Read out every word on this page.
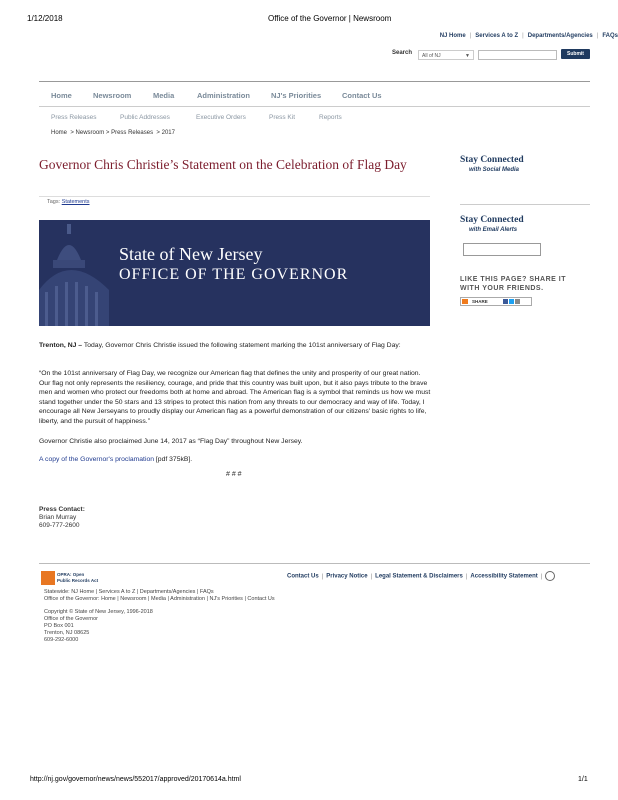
1/12/2018	Office of the Governor | Newsroom
NJ Home | Services A to Z | Departments/Agencies | FAQs
Search	All of NJ	▼	Submit
Home	Newsroom	Media	Administration	NJ's Priorities	Contact Us
Press Releases	Public Addresses	Executive Orders	Press Kit	Reports
Home  > Newsroom > Press Releases  > 2017
Governor Chris Christie’s Statement on the Celebration of Flag Day
Tags: Statements
State of New Jersey
OFFICE OF THE GOVERNOR
Trenton, NJ – Today, Governor Chris Christie issued the following statement marking the 101st anniversary of Flag Day:
“On the 101st anniversary of Flag Day, we recognize our American flag that defines the unity and prosperity of our great nation. Our flag not only represents the resiliency, courage, and pride that this country was built upon, but it also pays tribute to the brave men and women who protect our freedoms both at home and abroad. The American flag is a symbol that reminds us how we must stand together under the 50 stars and 13 stripes to protect this nation from any threats to our democracy and way of life. Today, I encourage all New Jerseyans to proudly display our American flag as a powerful demonstration of our citizens' basic rights to life, liberty, and the pursuit of happiness.”
Governor Christie also proclaimed June 14, 2017 as “Flag Day” throughout New Jersey.
A copy of the Governor's proclamation [pdf 375kB].
# # #
Press Contact:
Brian Murray
609-777-2600
Stay Connected
with Social Media
Stay Connected
with Email Alerts
LIKE THIS PAGE? SHARE IT
WITH YOUR FRIENDS.
SHARE
OPRA: Open
Public Records Act
Contact Us | Privacy Notice | Legal Statement & Disclaimers | Accessibility Statement |
Statewide: NJ Home | Services A to Z | Departments/Agencies | FAQs
Office of the Governor: Home | Newsroom | Media | Administration | NJ's Priorities | Contact Us
Copyright © State of New Jersey, 1996-2018
Office of the Governor
PO Box 001
Trenton, NJ 08625
609-292-6000
http://nj.gov/governor/news/news/552017/approved/20170614a.html	1/1
